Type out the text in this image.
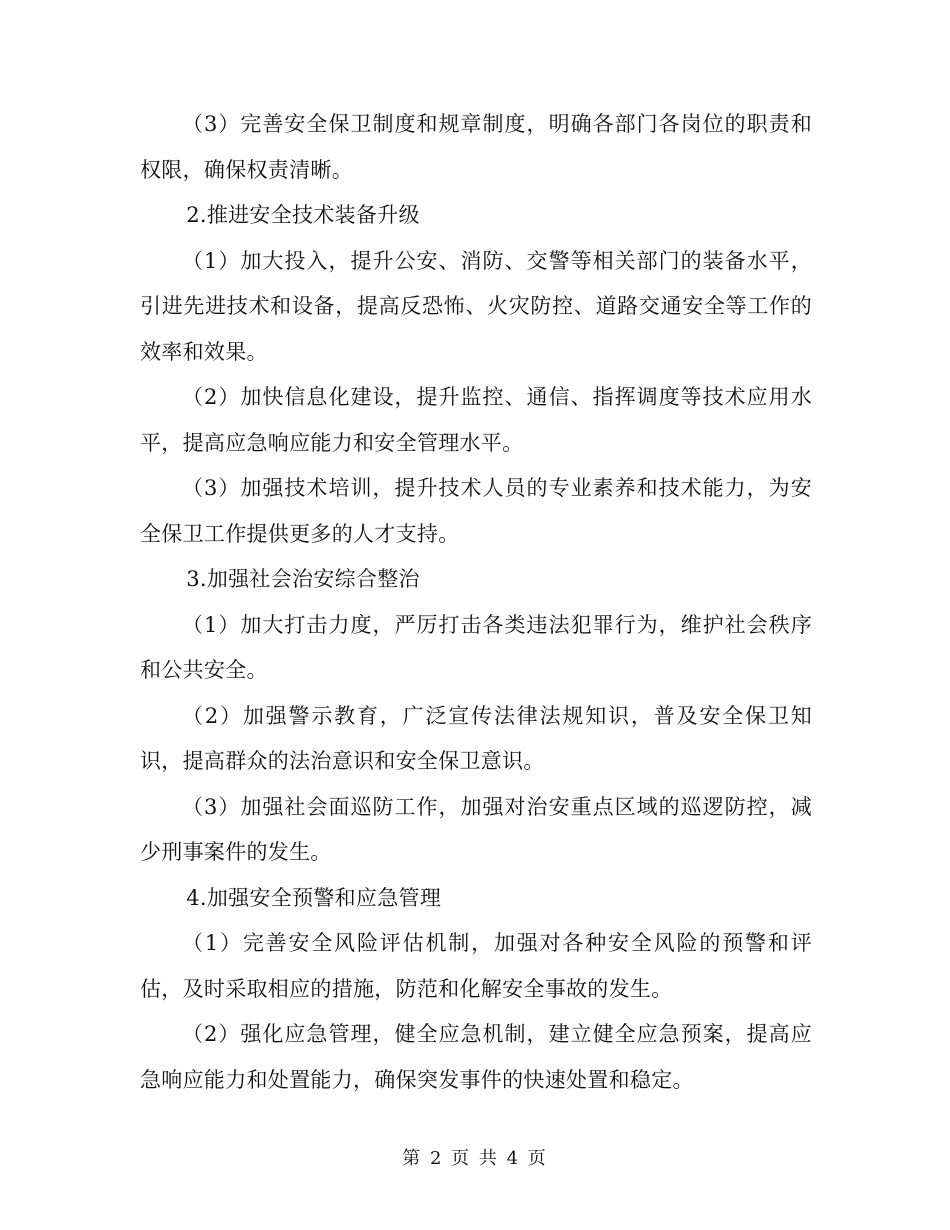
（3）完善安全保卫制度和规章制度，明确各部门各岗位的职责和权限，确保权责清晰。

2.推进安全技术装备升级

（1）加大投入，提升公安、消防、交警等相关部门的装备水平，引进先进技术和设备，提高反恐怖、火灾防控、道路交通安全等工作的效率和效果。

（2）加快信息化建设，提升监控、通信、指挥调度等技术应用水平，提高应急响应能力和安全管理水平。

（3）加强技术培训，提升技术人员的专业素养和技术能力，为安全保卫工作提供更多的人才支持。

3.加强社会治安综合整治

（1）加大打击力度，严厉打击各类违法犯罪行为，维护社会秩序和公共安全。

（2）加强警示教育，广泛宣传法律法规知识，普及安全保卫知识，提高群众的法治意识和安全保卫意识。

（3）加强社会面巡防工作，加强对治安重点区域的巡逻防控，减少刑事案件的发生。

4.加强安全预警和应急管理

（1）完善安全风险评估机制，加强对各种安全风险的预警和评估，及时采取相应的措施，防范和化解安全事故的发生。

（2）强化应急管理，健全应急机制，建立健全应急预案，提高应急响应能力和处置能力，确保突发事件的快速处置和稳定。

第 2 页 共 4 页
